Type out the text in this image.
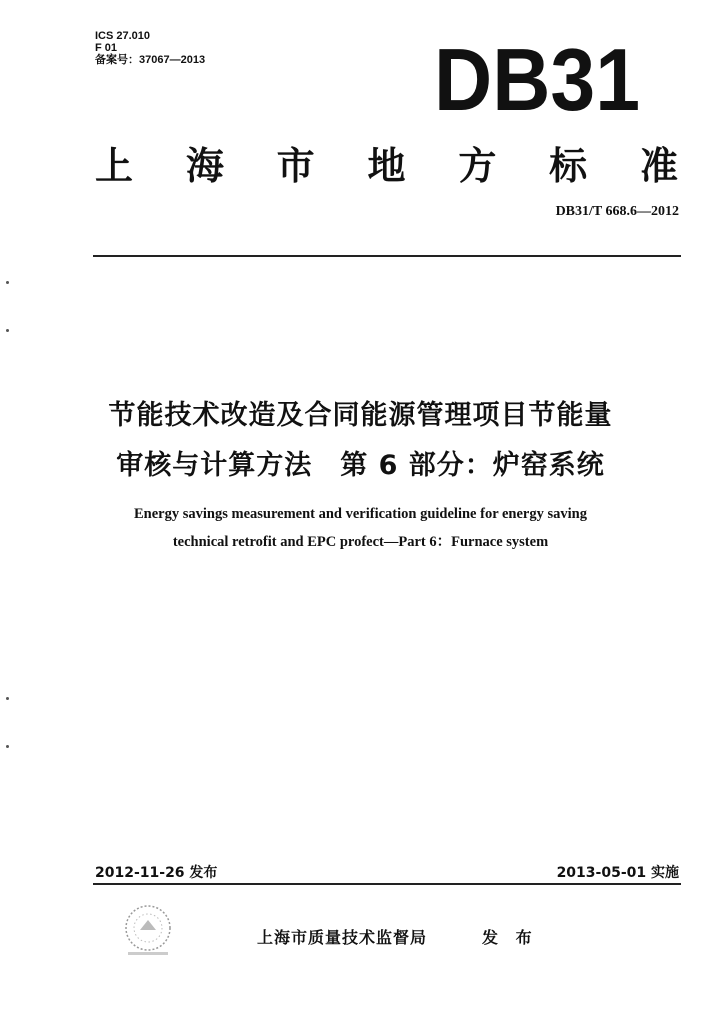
ICS 27.010
F 01
备案号：37067—2013	DB31
上 海 市 地 方 标 准
DB31/T 668.6—2012
节能技术改造及合同能源管理项目节能量
审核与计算方法　第 6 部分：炉窑系统
Energy savings measurement and verification guideline for energy saving
technical retrofit and EPC profect—Part 6：Furnace system
2012-11-26 发布	2013-05-01 实施
上海市质量技术监督局	发 布
